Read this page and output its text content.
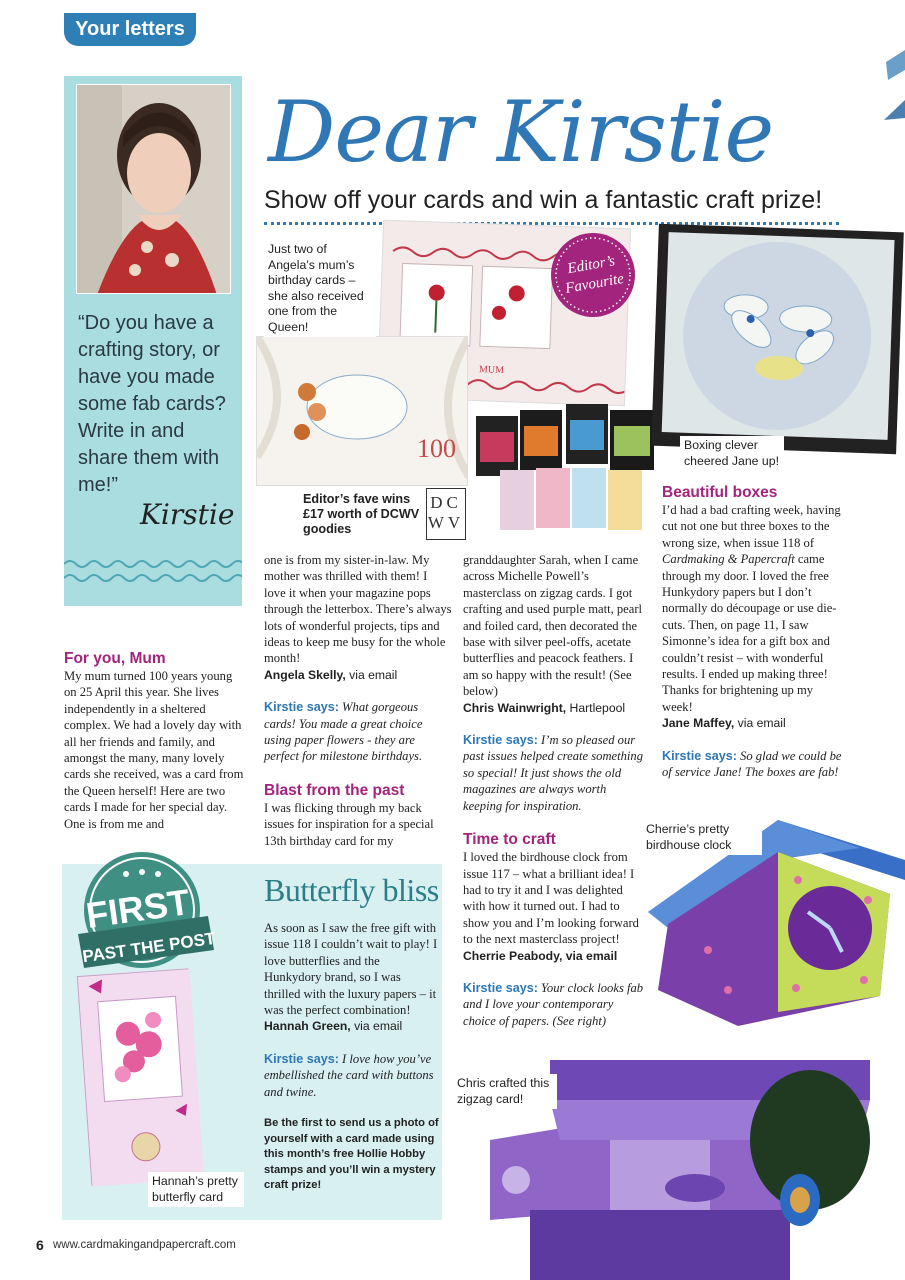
Your letters
“Do you have a crafting story, or have you made some fab cards? Write in and share them with me!”
Kirstie
Dear Kirstie
Show off your cards and win a fantastic craft prize!
MUM
100
Just two of Angela’s mum’s birthday cards – she also received one from the Queen!
Editor’s Favourite
DCWV
Editor’s fave wins £17 worth of DCWV goodies
Boxing clever cheered Jane up!
For you, Mum

My mum turned 100 years young on 25 April this year. She lives independently in a sheltered complex. We had a lovely day with all her friends and family, and amongst the many, many lovely cards she received, was a card from the Queen herself! Here are two cards I made for her special day. One is from me and

one is from my sister-in-law. My mother was thrilled with them! I love it when your magazine pops through the letterbox. There’s always lots of wonderful projects, tips and ideas to keep me busy for the whole month!

Angela Skelly, via email

Kirstie says: What gorgeous cards! You made a great choice using paper flowers - they are perfect for milestone birthdays.

Blast from the past

I was flicking through my back issues for inspiration for a special 13th birthday card for my

granddaughter Sarah, when I came across Michelle Powell’s masterclass on zigzag cards. I got crafting and used purple matt, pearl and foiled card, then decorated the base with silver peel-offs, acetate butterflies and peacock feathers. I am so happy with the result! (See below)

Chris Wainwright, Hartlepool

Kirstie says: I’m so pleased our past issues helped create something so special! It just shows the old magazines are always worth keeping for inspiration.

Time to craft

I loved the birdhouse clock from issue 117 – what a brilliant idea! I had to try it and I was delighted with how it turned out. I had to show you and I’m looking forward to the next masterclass project!

Cherrie Peabody, via email

Kirstie says: Your clock looks fab and I love your contemporary choice of papers. (See right)

Beautiful boxes

I’d had a bad crafting week, having cut not one but three boxes to the wrong size, when issue 118 of Cardmaking & Papercraft came through my door. I loved the free Hunkydory papers but I don’t normally do découpage or use die-cuts. Then, on page 11, I saw Simonne’s idea for a gift box and couldn’t resist – with wonderful results. I ended up making three! Thanks for brightening up my week!

Jane Maffey, via email

Kirstie says: So glad we could be of service Jane! The boxes are fab!

Cherrie’s pretty birdhouse clock
Chris crafted this zigzag card!
FIRST
PAST THE POST
Hannah’s pretty butterfly card
Butterfly bliss

As soon as I saw the free gift with issue 118 I couldn’t wait to play! I love butterflies and the Hunkydory brand, so I was thrilled with the luxury papers – it was the perfect combination!

Hannah Green, via email

Kirstie says: I love how you’ve embellished the card with buttons and twine.

Be the first to send us a photo of yourself with a card made using this month’s free Hollie Hobby stamps and you’ll win a mystery craft prize!

6 www.cardmakingandpapercraft.com
